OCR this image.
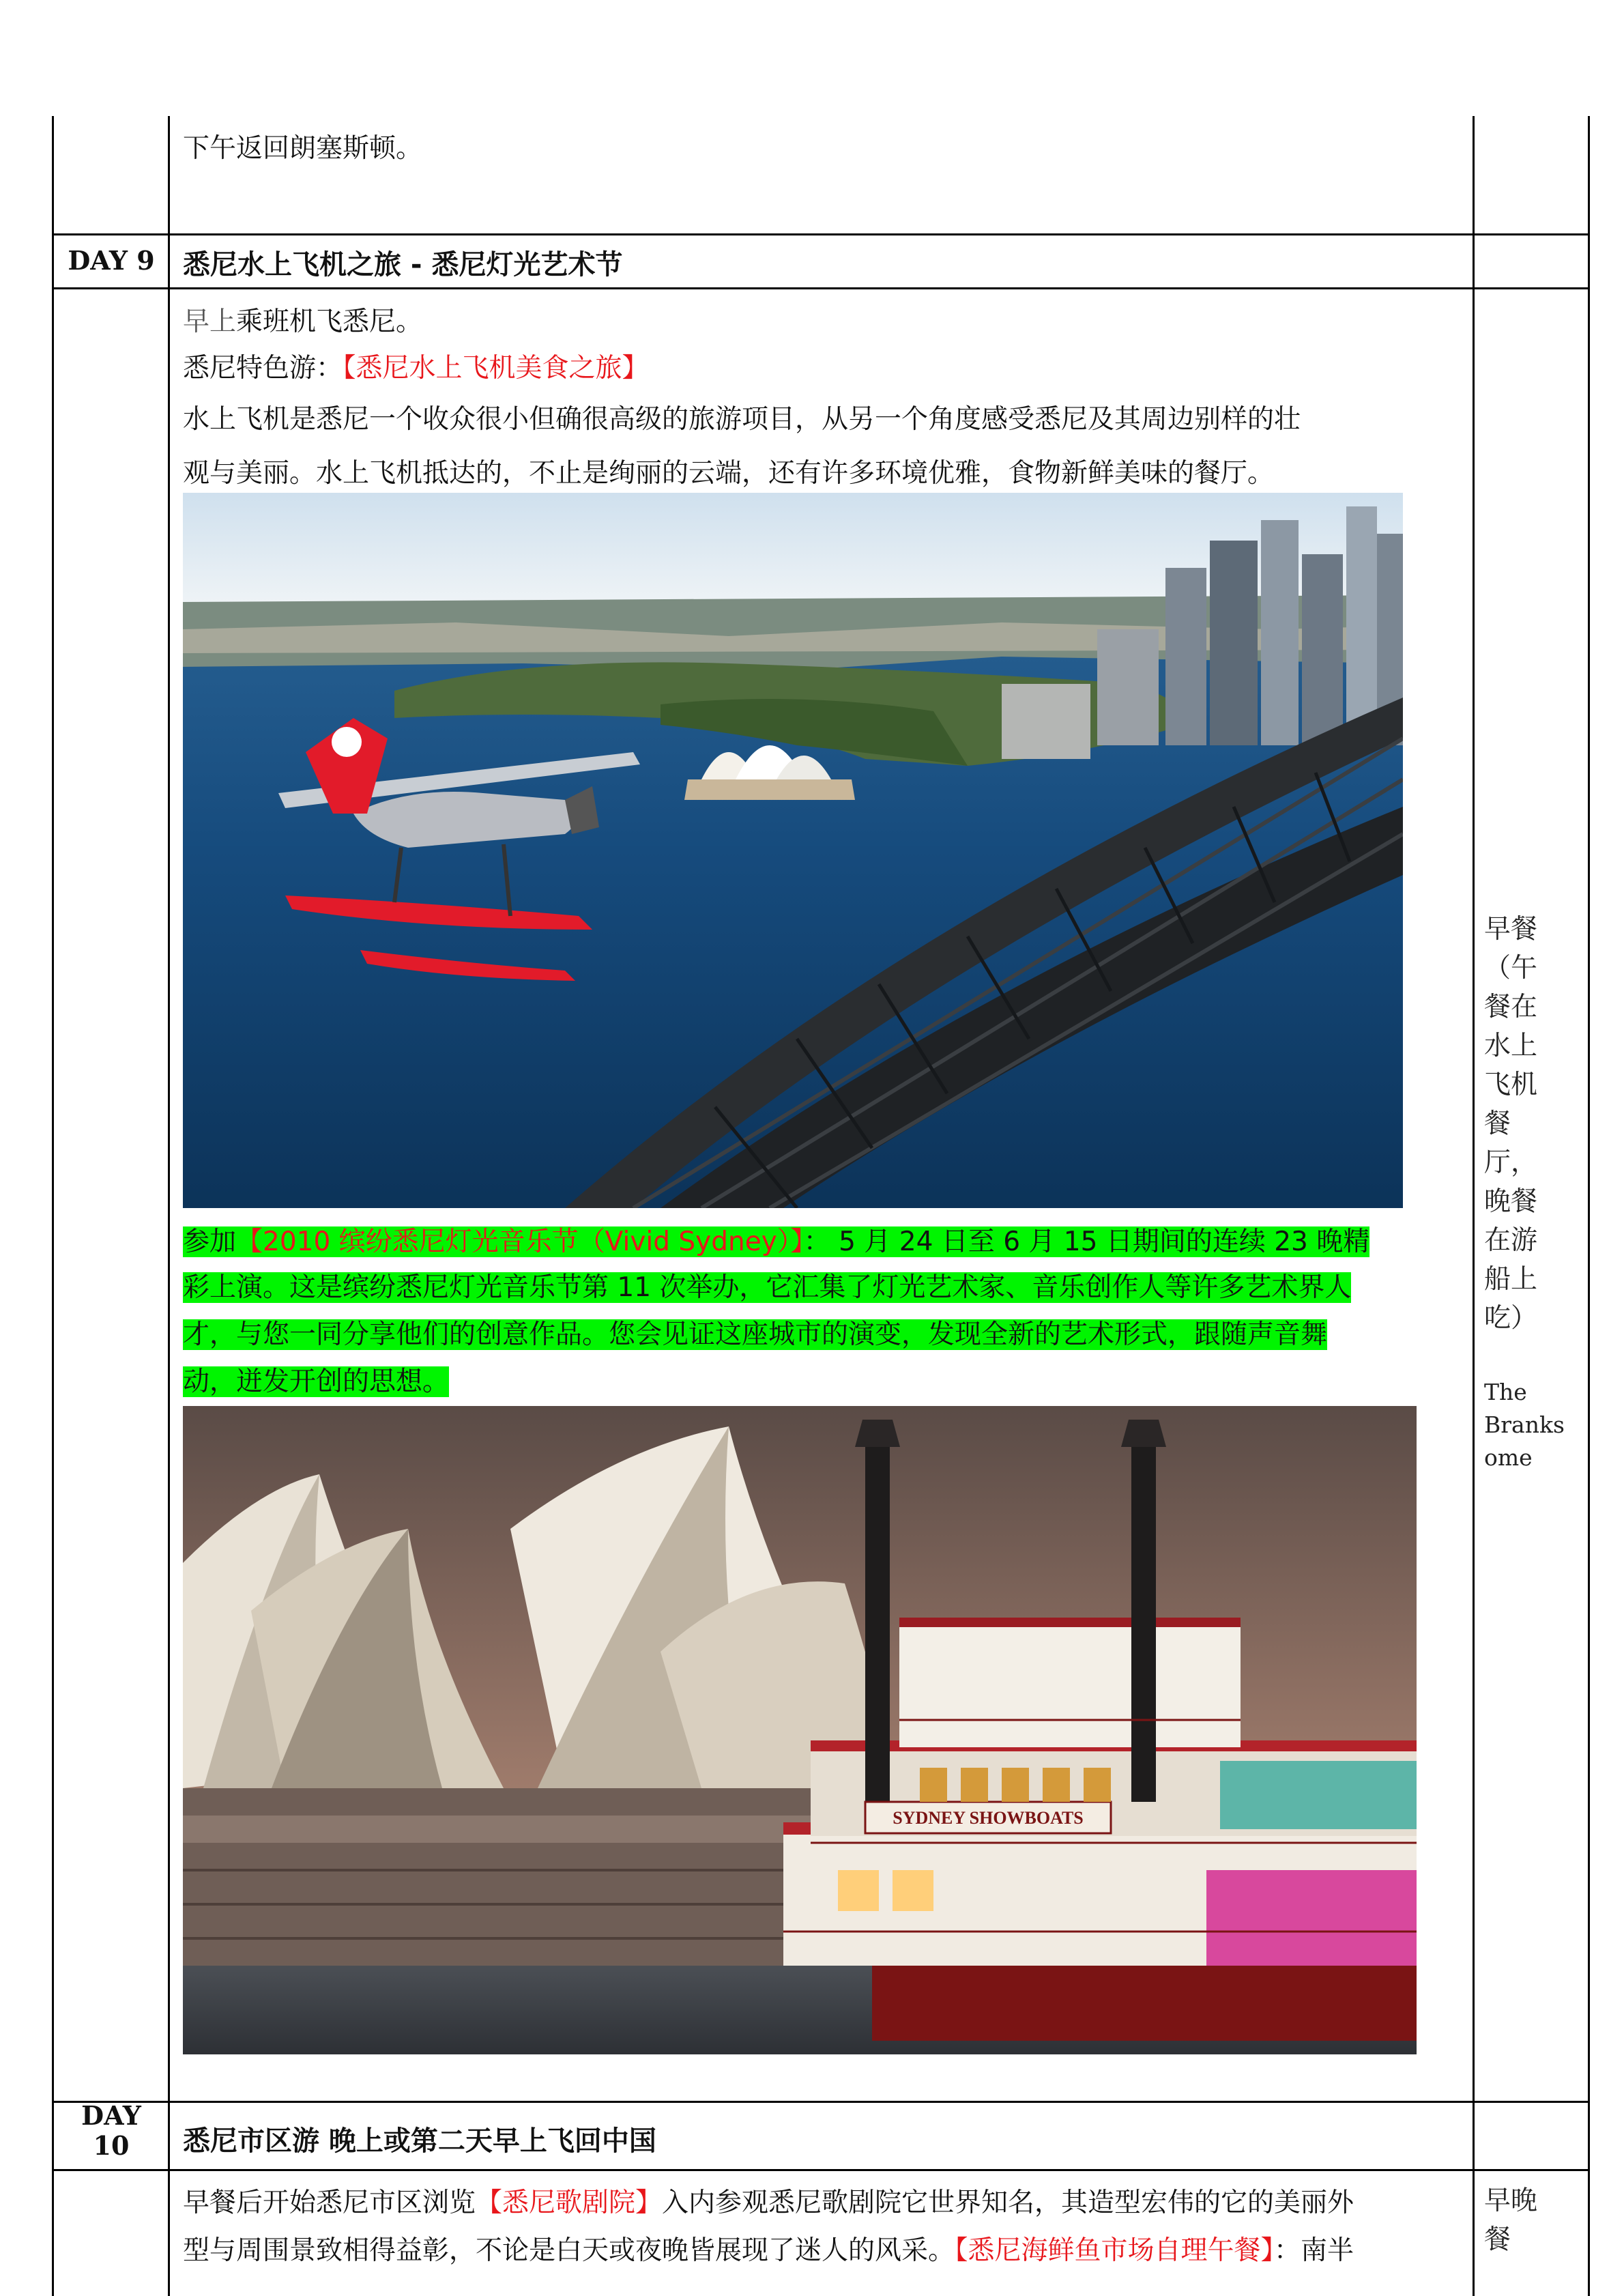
下午返回朗塞斯顿。
DAY 9	悉尼水上飞机之旅 - 悉尼灯光艺术节
早上乘班机飞悉尼。
悉尼特色游：【悉尼水上飞机美食之旅】
水上飞机是悉尼一个收众很小但确很高级的旅游项目，从另一个角度感受悉尼及其周边别样的壮
观与美丽。水上飞机抵达的，不止是绚丽的云端，还有许多环境优雅，食物新鲜美味的餐厅。
参加【2010 缤纷悉尼灯光音乐节（Vivid Sydney）】： 5 月 24 日至 6 月 15 日期间的连续 23 晚精
彩上演。这是缤纷悉尼灯光音乐节第 11 次举办，它汇集了灯光艺术家、音乐创作人等许多艺术界人
才，与您一同分享他们的创意作品。您会见证这座城市的演变，发现全新的艺术形式，跟随声音舞
动，迸发开创的思想。
SYDNEY SHOWBOATS
早餐
（午
餐在
水上
飞机
餐
厅，
晚餐
在游
船上
吃）
The
Branks
ome
DAY
10	悉尼市区游 晚上或第二天早上飞回中国
早餐后开始悉尼市区浏览【悉尼歌剧院】入内参观悉尼歌剧院它世界知名，其造型宏伟的它的美丽外
型与周围景致相得益彰，不论是白天或夜晚皆展现了迷人的风采。【悉尼海鲜鱼市场自理午餐】：南半
早晚
餐
